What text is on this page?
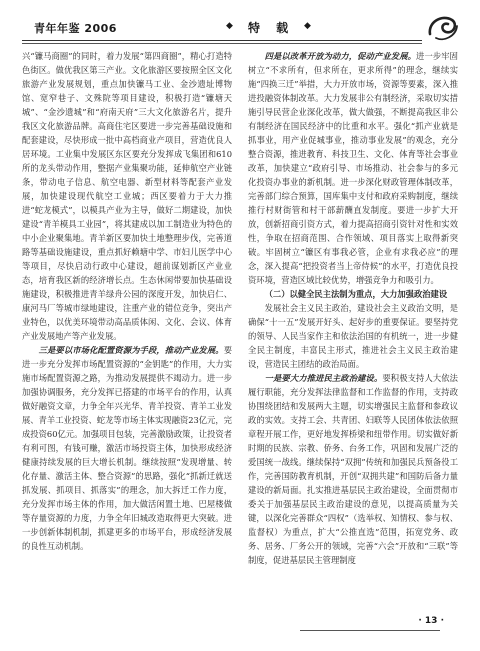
青年年鉴 2006	◆ 特 载 ◆

兴“镰马商圈”的同时，着力发展“第四商圈”，精心打造特色街区。做优我区第三产业。文化旅游区要按照全区文化旅游产业发展规划，重点加快镰马工业、金沙遗址博物馆、宽窄巷子、文殊院等项目建设，积极打造“镰塘天城”、“金沙遗城”和“府南天府”三大文化旅游名片，提升我区文化旅游品牌。高商住宅区要进一步完善基础设施和配套建设，尽快形成一批中高档商业产项目，营造优良人居环境。工业集中发展区东区要充分发挥成飞集团和610所的龙头带动作用，整据产业集聚功能，延伸航空产业链条，带动电子信息、航空电器、新型材料等配套产业发展，加快建设现代航空工业城；西区要着力于大力推进“蛇龙模式”，以模具产业为主导，做好二期建设，加快建设“青羊模具工业园”，将其建成以加工制造业为特色的中小企业聚集地。青羊新区要加快土地整理步伐，完善道路等基础设施建设，重点抓好赖塘中学、市妇儿医学中心等项目，尽快启动行政中心建设，超前谋划新区产业业态，培育我区新的经济增长点。生态休闲带要加快基础设施建设，积极推进青羊绿舟公园的深度开发，加快启仁、康河马厂等城市绿地建设，注重产业的错位竞争，突出产业特色，以优美环境带动高品质体闲、文化、会议、体育产业发展地产等产业发展。

三是要以市场化配置资源为手段，推动产业发展。要进一步充分发挥市场配置资源的“金钥匙”的作用，大力实施市场配置资源之路，为推动发展提供不竭动力。进一步加强协调服务，充分发挥已搭建的市场平台的作用，认真做好融资文章，力争全年兴光华、青羊投资、青羊工业发展、青羊工业投资、蛇龙等市场主体实现融资23亿元，完成投资60亿元。加强项目包装，完善激励政策，让投资者有利可图，有钱可赚，激活市场投资主体，加快形成经济健康持续发展的巨大增长机制。继续按照“发现增量、转化存量、激活主体、整合资源”的思路，强化“抓新迁就送抓发展、抓项目、抓落实”的理念，加大拆迁工作力度，充分发挥市场主体的作用，加大做活闲置土地、巴屋楼做等存量资源的力度，力争全年旧城改造取得更大突破。进一步创新体制机制，抓建更多的市场平台，形成经济发展的良性互动机制。

四是以改革开放为动力，促动产业发展。进一步牢固树立“不求所有，但求所在，更求所得”的理念，继续实施“四换三迁”举措，大力开放市场，资源等要素，深入推进投融资体制改革。大力发展非公有制经济，采取切实措施引导民营企业深化改革，做大做强，不断提高我区非公有制经济在国民经济中的比重和水平。强化“抓产业就是抓事业，用产业促城事业，推动事业发展”的观念，充分整合资源，推进教育、科技卫生、文化、体育等社会事业改革，加快建立“政府引导、市场推动、社会参与的多元化投资办事业的新机制。进一步深化财政管理体制改革，完善部门综合预算，国库集中支付和政府采购制度，继续推行村财街管和村干部薪酬直发制度。要进一步扩大开放，创新招商引资方式，着力提高招商引资针对性和实效性，争取在招商范围、合作领域、项目落实上取得新突破。牢固树立“镰区有事我必管，企业有求我必应”的理念，深入提高“把投资者当上帝侍候”的水平，打造优良投资环境，营造区域比较优势，增强竞争力和吸引力。

（二）以健全民主法制为重点，大力加强政治建设

发展社会主义民主政治，建设社会主义政治文明，是确保“十一五”发展开好头、起好步的重要保证。要坚持党的领导、人民当家作主和依法治国的有机统一，进一步健全民主制度，丰富民主形式，推进社会主义民主政治建设，营造民主团结的政治局面。

一是要大力推进民主政治建设。要积极支持人大依法履行职能，充分发挥法律监督和工作监督的作用，支持政协围绕团结和发展两大主题，切实增强民主监督和参政议政的实效。支持工会、共青团、妇联等人民团体依法依照章程开展工作，更好地发挥桥梁和纽带作用。切实做好新时期的民族、宗教、侨务、台务工作，巩固和发展广泛的爱国统一战线。继续保持“双拥”传统和加强民兵预备役工作，完善国防教育机制，开创“双拥共建”和国防后备力量建设的新局面。扎实推进基层民主政治建设，全面贯彻市委关于加强基层民主政治建设的意见，以提高质量为关键，以深化完善群众“四权”（选举权、知情权、参与权、监督权）为重点，扩大“公推直选”范围，拓宽党务、政务、居务、厂务公开的领域，完善“六会”开放和“三联”等制度，促进基层民主管理制度

· 13 ·
